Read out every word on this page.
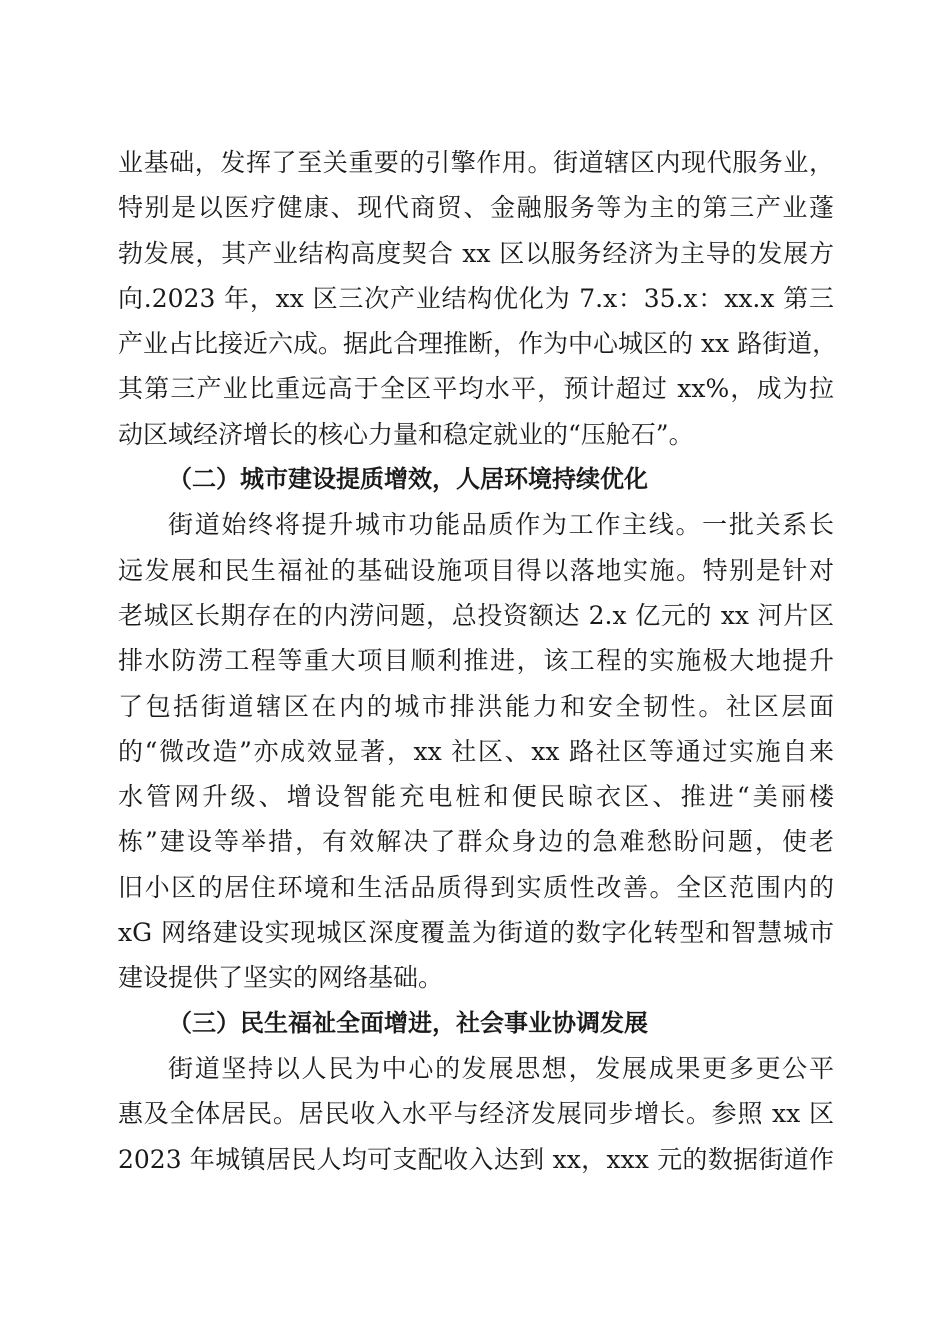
业基础，发挥了至关重要的引擎作用。街道辖区内现代服务业，
特别是以医疗健康、现代商贸、金融服务等为主的第三产业蓬
勃发展，其产业结构高度契合 xx 区以服务经济为主导的发展方
向.2023 年，xx 区三次产业结构优化为 7.x：35.x：xx.x 第三
产业占比接近六成。据此合理推断，作为中心城区的 xx 路街道，
其第三产业比重远高于全区平均水平，预计超过 xx%，成为拉
动区域经济增长的核心力量和稳定就业的“压舱石”。
（二）城市建设提质增效，人居环境持续优化
街道始终将提升城市功能品质作为工作主线。一批关系长
远发展和民生福祉的基础设施项目得以落地实施。特别是针对
老城区长期存在的内涝问题，总投资额达 2.x 亿元的 xx 河片区
排水防涝工程等重大项目顺利推进，该工程的实施极大地提升
了包括街道辖区在内的城市排洪能力和安全韧性。社区层面
的“微改造”亦成效显著，xx 社区、xx 路社区等通过实施自来
水管网升级、增设智能充电桩和便民晾衣区、推进“美丽楼
栋”建设等举措，有效解决了群众身边的急难愁盼问题，使老
旧小区的居住环境和生活品质得到实质性改善。全区范围内的
xG 网络建设实现城区深度覆盖为街道的数字化转型和智慧城市
建设提供了坚实的网络基础。
（三）民生福祉全面增进，社会事业协调发展
街道坚持以人民为中心的发展思想，发展成果更多更公平
惠及全体居民。居民收入水平与经济发展同步增长。参照 xx 区
2023 年城镇居民人均可支配收入达到 xx，xxx 元的数据街道作
